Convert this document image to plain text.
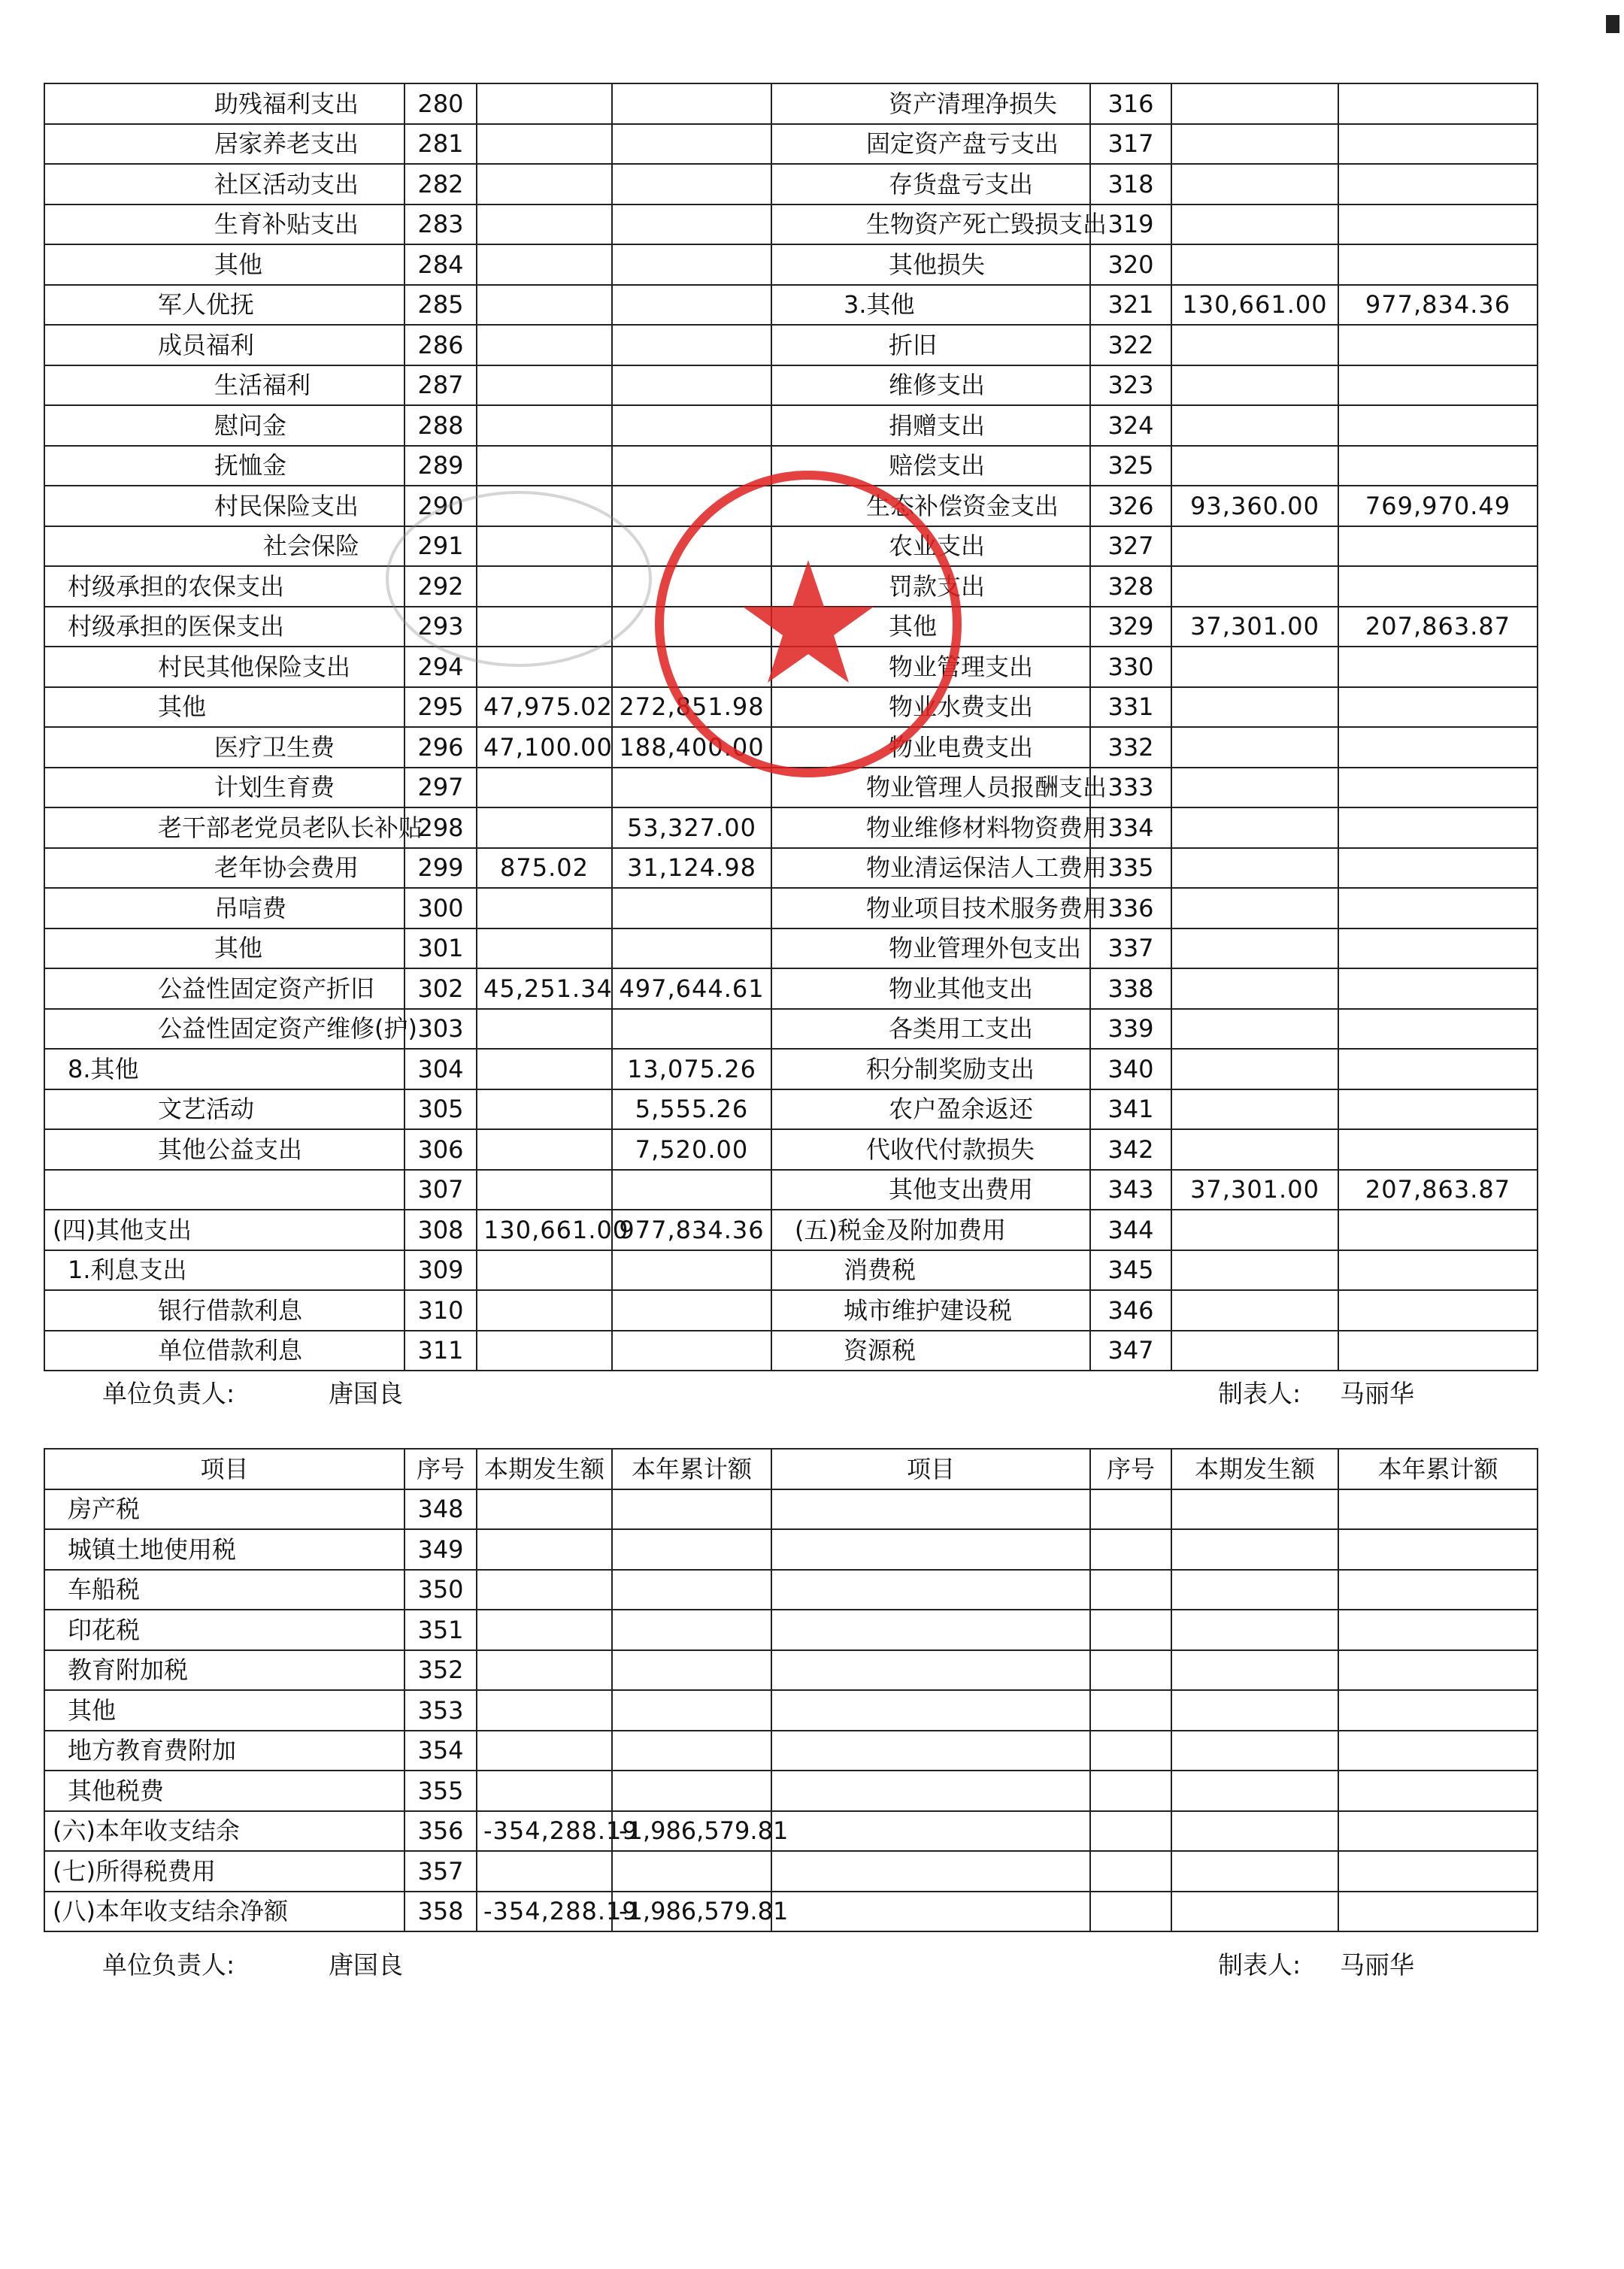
助残福利支出	280			资产清理净损失	316		
居家养老支出	281			固定资产盘亏支出	317		
社区活动支出	282			存货盘亏支出	318		
生育补贴支出	283			生物资产死亡毁损支出	319		
其他	284			其他损失	320		
军人优抚	285			3.其他	321	130,661.00	977,834.36
成员福利	286			折旧	322		
生活福利	287			维修支出	323		
慰问金	288			捐赠支出	324		
抚恤金	289			赔偿支出	325		
村民保险支出	290			生态补偿资金支出	326	93,360.00	769,970.49
社会保险	291			农业支出	327		
村级承担的农保支出	292			罚款支出	328		
村级承担的医保支出	293			其他	329	37,301.00	207,863.87
村民其他保险支出	294			物业管理支出	330		
其他	295	47,975.02	272,851.98	物业水费支出	331		
医疗卫生费	296	47,100.00	188,400.00	物业电费支出	332		
计划生育费	297			物业管理人员报酬支出	333		
老干部老党员老队长补贴	298		53,327.00	物业维修材料物资费用	334		
老年协会费用	299	875.02	31,124.98	物业清运保洁人工费用	335		
吊唁费	300			物业项目技术服务费用	336		
其他	301			物业管理外包支出	337		
公益性固定资产折旧	302	45,251.34	497,644.61	物业其他支出	338		
公益性固定资产维修(护)	303			各类用工支出	339		
8.其他	304		13,075.26	积分制奖励支出	340		
文艺活动	305		5,555.26	农户盈余返还	341		
其他公益支出	306		7,520.00	代收代付款损失	342		
	307			其他支出费用	343	37,301.00	207,863.87
(四)其他支出	308	130,661.00	977,834.36	(五)税金及附加费用	344		
1.利息支出	309			消费税	345		
银行借款利息	310			城市维护建设税	346		
单位借款利息	311			资源税	347		
单位负责人:	唐国良	制表人: 马丽华
项目	序号	本期发生额	本年累计额	项目	序号	本期发生额	本年累计额
房产税	348						
城镇土地使用税	349						
车船税	350						
印花税	351						
教育附加税	352						
其他	353						
地方教育费附加	354						
其他税费	355						
(六)本年收支结余	356	-354,288.19	-1,986,579.81				
(七)所得税费用	357						
(八)本年收支结余净额	358	-354,288.19	-1,986,579.81				
单位负责人:	唐国良	制表人: 马丽华
